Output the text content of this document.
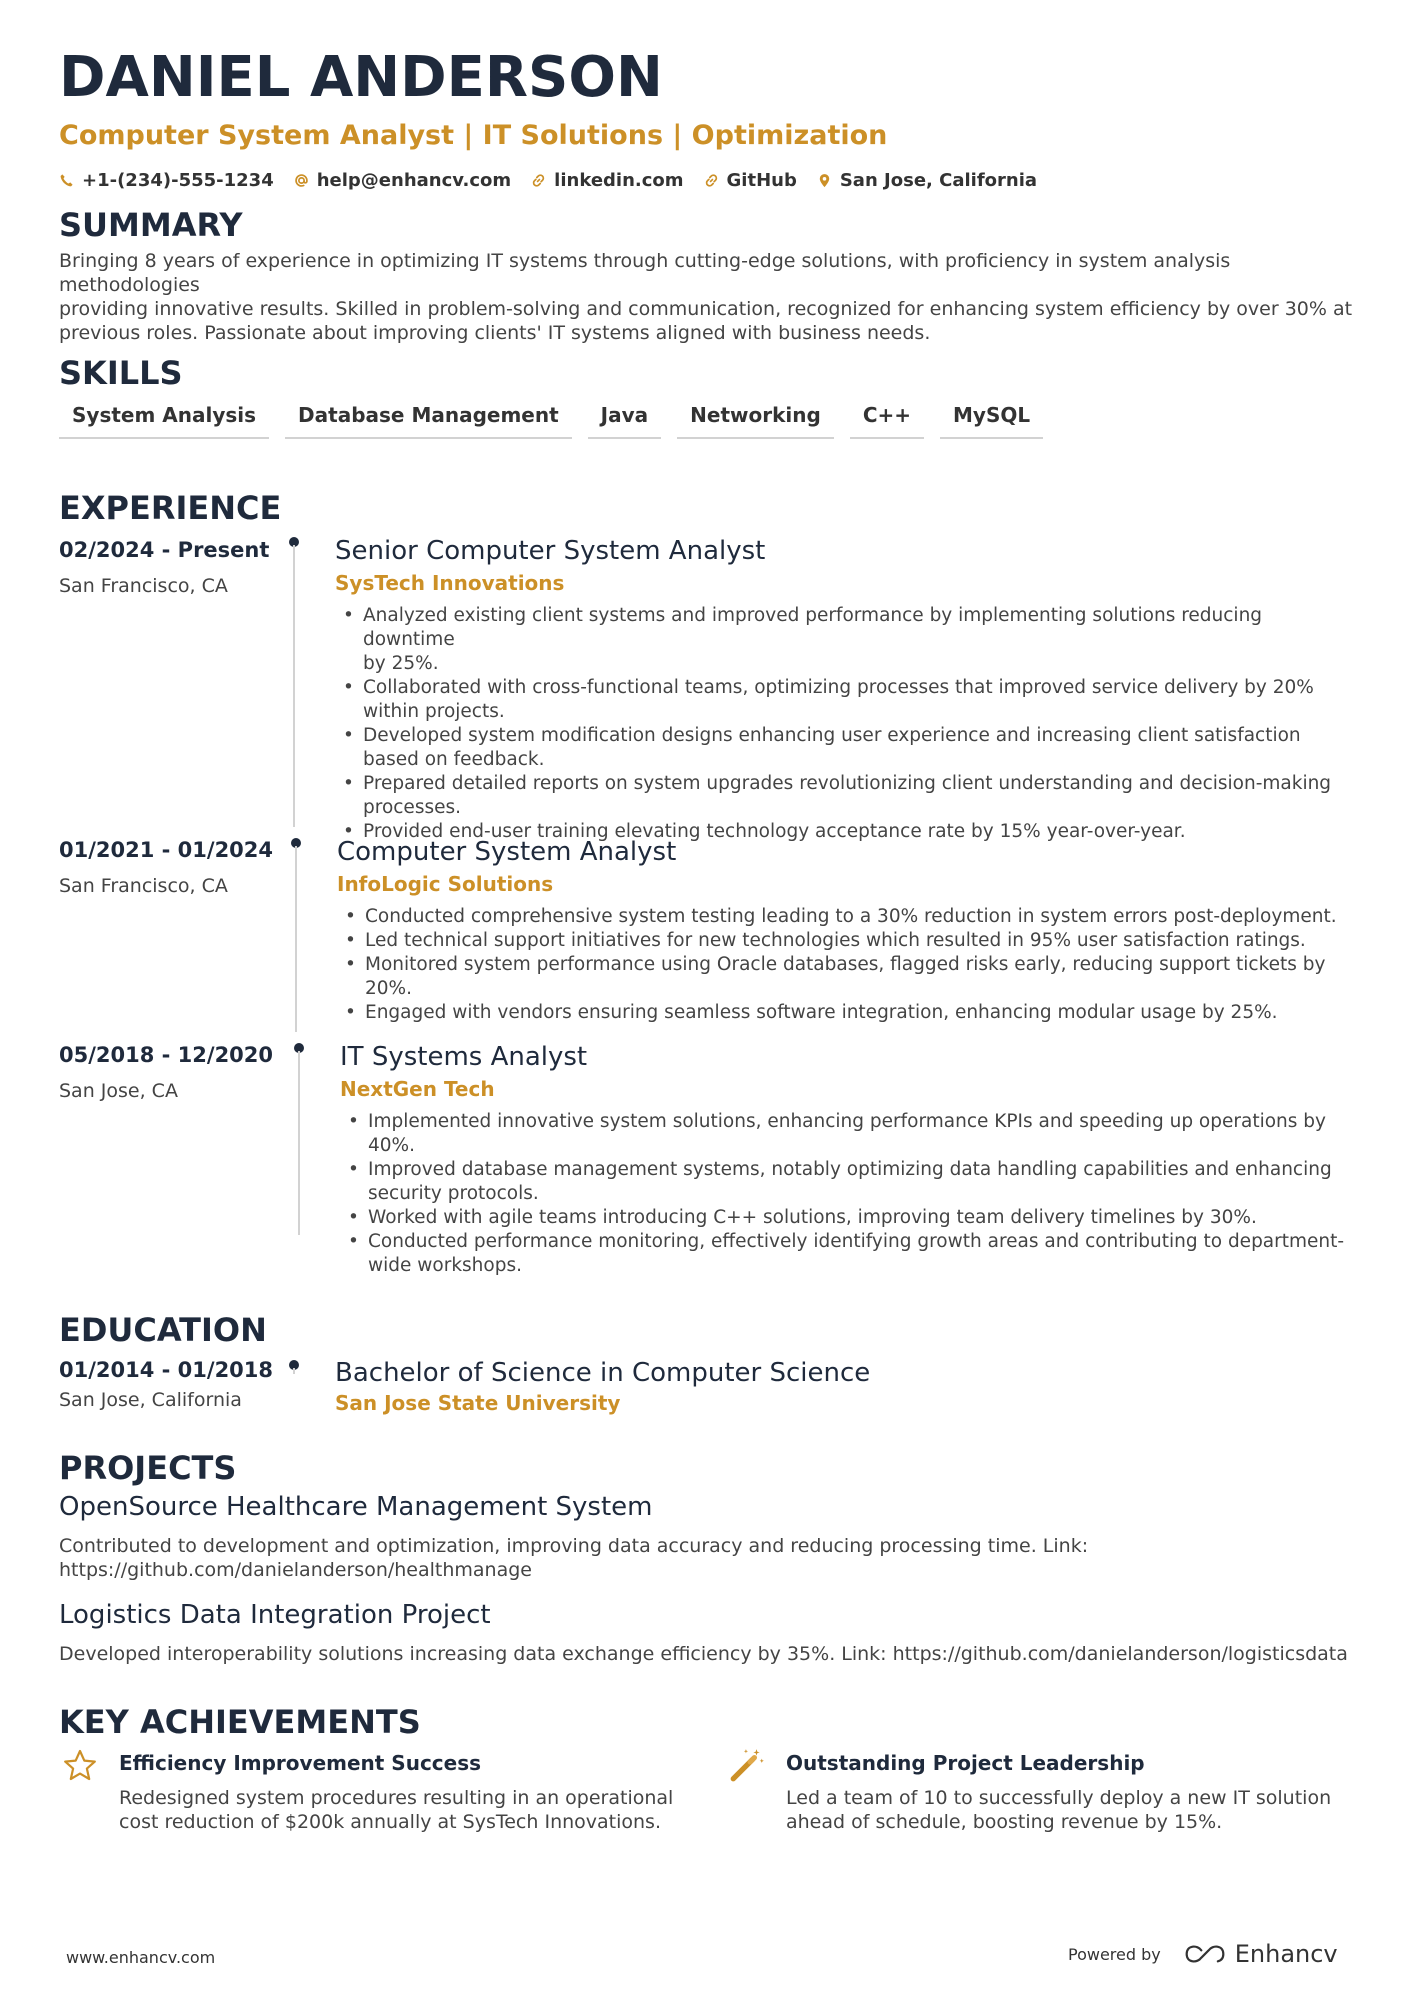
DANIEL ANDERSON
Computer System Analyst | IT Solutions | Optimization
+1-(234)-555-1234 help@enhancv.com linkedin.com GitHub San Jose, California
SUMMARY
Bringing 8 years of experience in optimizing IT systems through cutting-edge solutions, with proficiency in system analysis methodologies
providing innovative results. Skilled in problem-solving and communication, recognized for enhancing system efficiency by over 30% at
previous roles. Passionate about improving clients' IT systems aligned with business needs.
SKILLS
System Analysis	Database Management	Java	Networking	C++	MySQL
EXPERIENCE
02/2024 - Present
San Francisco, CA
Senior Computer System Analyst
SysTech Innovations
• Analyzed existing client systems and improved performance by implementing solutions reducing downtime
by 25%.
• Collaborated with cross-functional teams, optimizing processes that improved service delivery by 20%
within projects.
• Developed system modification designs enhancing user experience and increasing client satisfaction
based on feedback.
• Prepared detailed reports on system upgrades revolutionizing client understanding and decision-making
processes.
• Provided end-user training elevating technology acceptance rate by 15% year-over-year.
01/2021 - 01/2024
San Francisco, CA
Computer System Analyst
InfoLogic Solutions
• Conducted comprehensive system testing leading to a 30% reduction in system errors post-deployment.
• Led technical support initiatives for new technologies which resulted in 95% user satisfaction ratings.
• Monitored system performance using Oracle databases, flagged risks early, reducing support tickets by
20%.
• Engaged with vendors ensuring seamless software integration, enhancing modular usage by 25%.
05/2018 - 12/2020
San Jose, CA
IT Systems Analyst
NextGen Tech
• Implemented innovative system solutions, enhancing performance KPIs and speeding up operations by
40%.
• Improved database management systems, notably optimizing data handling capabilities and enhancing
security protocols.
• Worked with agile teams introducing C++ solutions, improving team delivery timelines by 30%.
• Conducted performance monitoring, effectively identifying growth areas and contributing to department-
wide workshops.
EDUCATION
01/2014 - 01/2018
San Jose, California
Bachelor of Science in Computer Science
San Jose State University
PROJECTS
OpenSource Healthcare Management System
Contributed to development and optimization, improving data accuracy and reducing processing time. Link:
https://github.com/danielanderson/healthmanage
Logistics Data Integration Project
Developed interoperability solutions increasing data exchange efficiency by 35%. Link: https://github.com/danielanderson/logisticsdata
KEY ACHIEVEMENTS
Efficiency Improvement Success
Redesigned system procedures resulting in an operational
cost reduction of $200k annually at SysTech Innovations.
Outstanding Project Leadership
Led a team of 10 to successfully deploy a new IT solution
ahead of schedule, boosting revenue by 15%.
www.enhancv.com	Powered by	Enhancv
